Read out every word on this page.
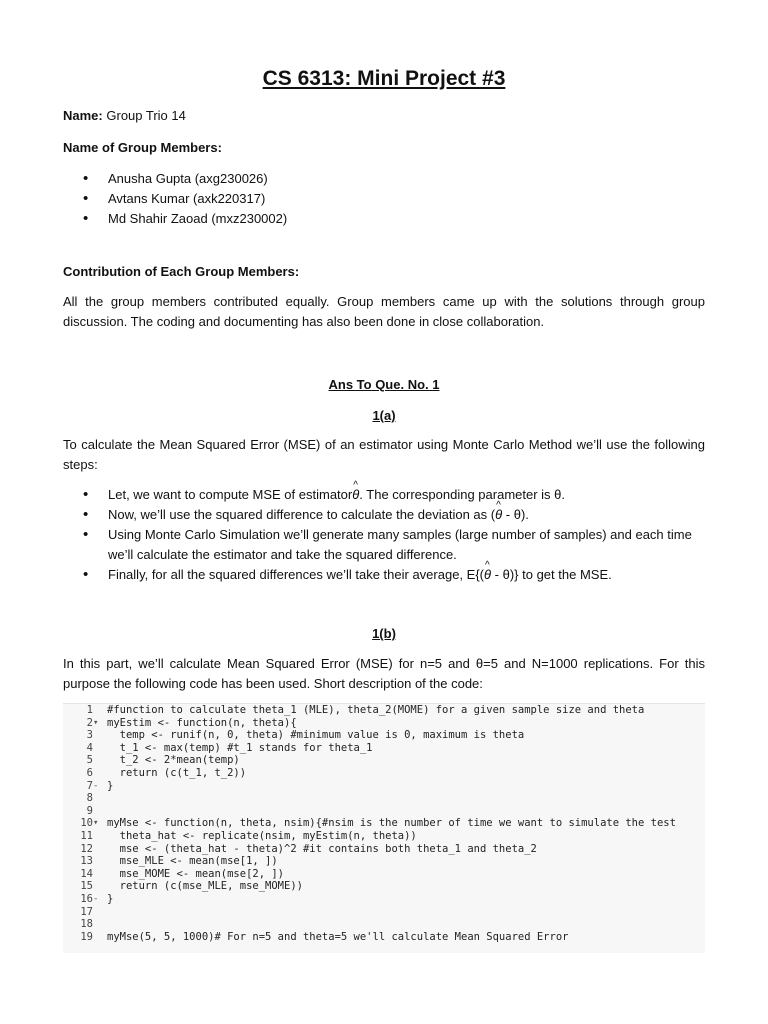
CS 6313: Mini Project #3
Name: Group Trio 14
Name of Group Members:
• Anusha Gupta (axg230026)
• Avtans Kumar (axk220317)
• Md Shahir Zaoad (mxz230002)
Contribution of Each Group Members:
All the group members contributed equally. Group members came up with the solutions through group discussion. The coding and documenting has also been done in close collaboration.
Ans To Que. No. 1
1(a)
To calculate the Mean Squared Error (MSE) of an estimator using Monte Carlo Method we’ll use the following steps:
• Let, we want to compute MSE of estimator^ θ. The corresponding parameter is θ.
• Now, we’ll use the squared difference to calculate the deviation as (^ θ - θ).
• Using Monte Carlo Simulation we’ll generate many samples (large number of samples) and each time we’ll calculate the estimator and take the squared difference.
• Finally, for all the squared differences we’ll take their average, E{(^ θ - θ)} to get the MSE.
1(b)
In this part, we’ll calculate Mean Squared Error (MSE) for n=5 and θ=5 and N=1000 replications. For this purpose the following code has been used. Short description of the code:
1 #function to calculate theta_1 (MLE), theta_2(MOME) for a given sample size and theta
2 ▾ myEstim <- function(n, theta){
3 temp <- runif(n, 0, theta) #minimum value is 0, maximum is theta
4 t_1 <- max(temp) #t_1 stands for theta_1
5 t_2 <- 2*mean(temp)
6 return (c(t_1, t_2))
7 - }
8
9
10 ▾ myMse <- function(n, theta, nsim){#nsim is the number of time we want to simulate the test
11 theta_hat <- replicate(nsim, myEstim(n, theta))
12 mse <- (theta_hat - theta)^2 #it contains both theta_1 and theta_2
13 mse_MLE <- mean(mse[1, ])
14 mse_MOME <- mean(mse[2, ])
15 return (c(mse_MLE, mse_MOME))
16 - }
17
18
19 myMse(5, 5, 1000)# For n=5 and theta=5 we'll calculate Mean Squared Error
